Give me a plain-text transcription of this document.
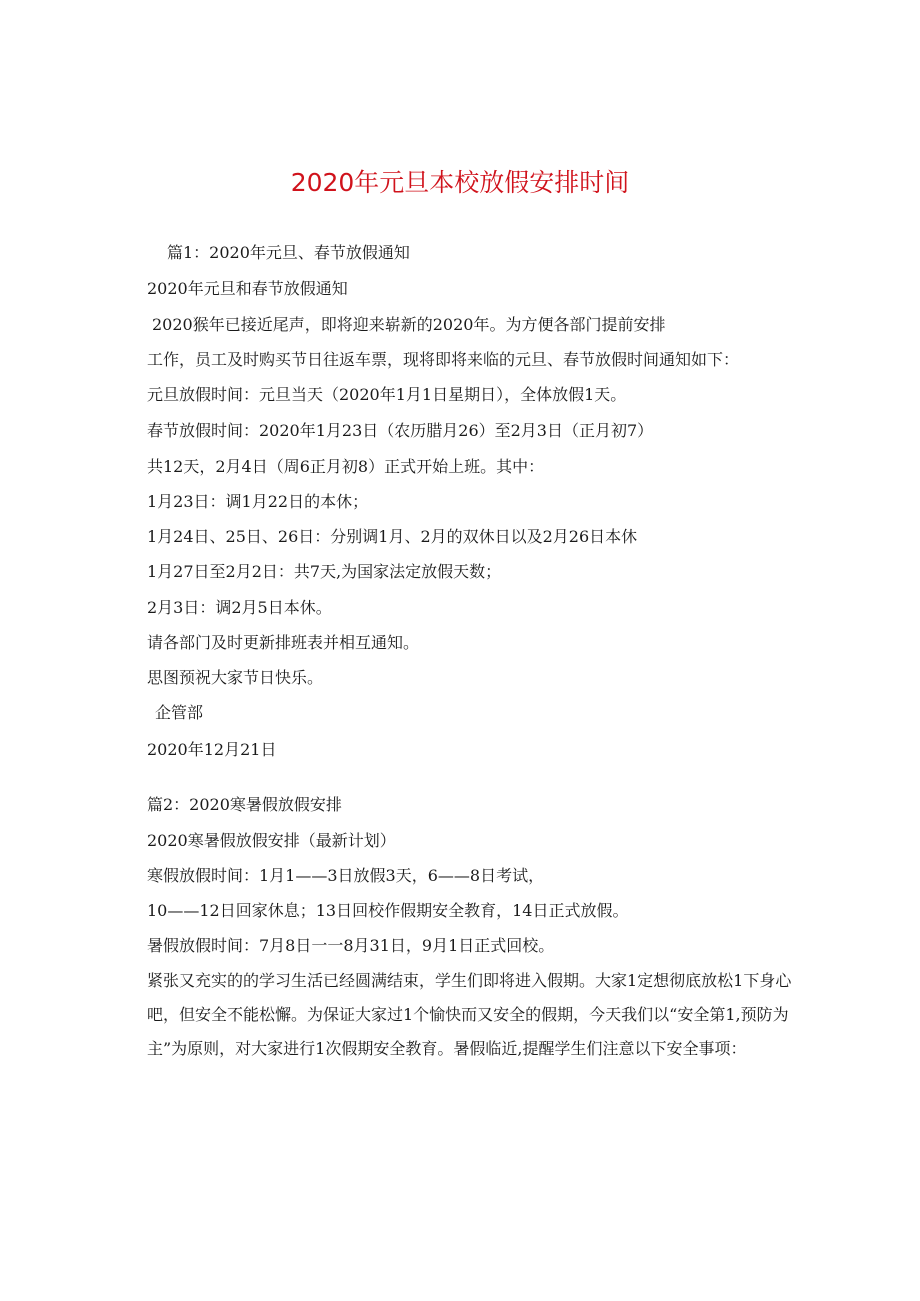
2020年元旦本校放假安排时间
篇1：2020年元旦、春节放假通知
2020年元旦和春节放假通知
2020猴年已接近尾声，即将迎来崭新的2020年。为方便各部门提前安排
工作，员工及时购买节日往返车票，现将即将来临的元旦、春节放假时间通知如下：
元旦放假时间：元旦当天（2020年1月1日星期日），全体放假1天。
春节放假时间：2020年1月23日（农历腊月26）至2月3日（正月初7）
共12天，2月4日（周6正月初8）正式开始上班。其中：
1月23日：调1月22日的本休；
1月24日、25日、26日：分别调1月、2月的双休日以及2月26日本休
1月27日至2月2日：共7天,为国家法定放假天数；
2月3日：调2月5日本休。
请各部门及时更新排班表并相互通知。
思图预祝大家节日快乐。
企管部
2020年12月21日
篇2：2020寒暑假放假安排
2020寒暑假放假安排（最新计划）
寒假放假时间：1月1——3日放假3天，6——8日考试，
10——12日回家休息；13日回校作假期安全教育，14日正式放假。
暑假放假时间：7月8日一一8月31日，9月1日正式回校。
紧张又充实的的学习生活已经圆满结束，学生们即将进入假期。大家1定想彻底放松1下身心吧，但安全不能松懈。为保证大家过1个愉快而又安全的假期，今天我们以“安全第1,预防为主”为原则，对大家进行1次假期安全教育。暑假临近,提醒学生们注意以下安全事项：
